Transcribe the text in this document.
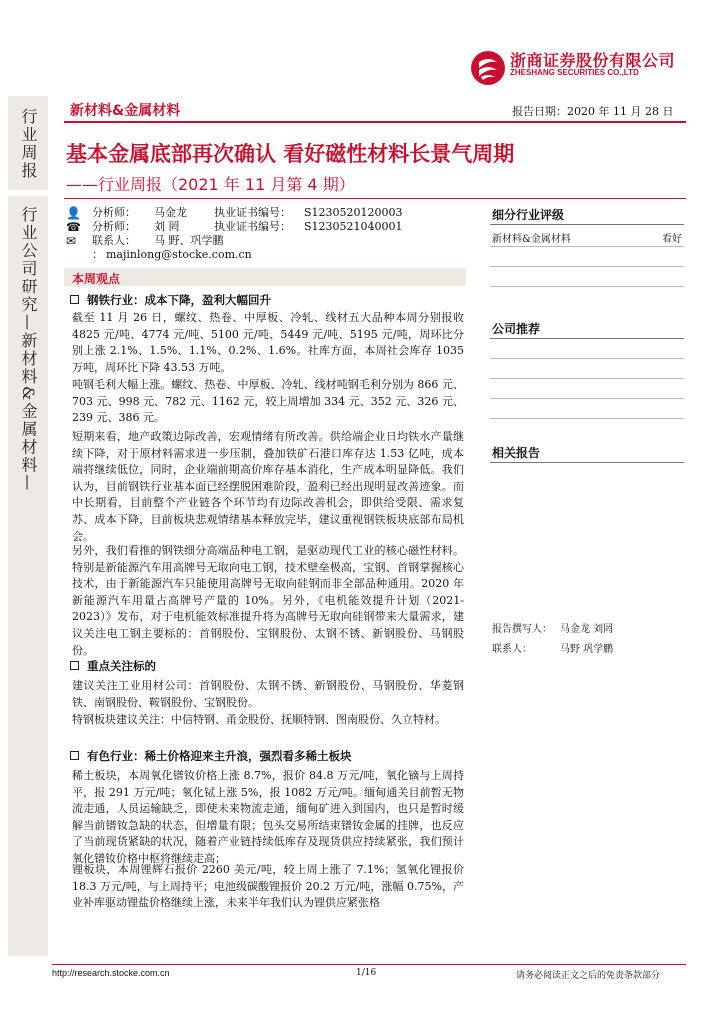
浙商证券股份有限公司
ZHESHANG SECURITIES CO.,LTD
新材料&金属材料	报告日期：2020 年 11 月 28 日
行业周报
行业公司研究—新材料&金属材料—
基本金属底部再次确认 看好磁性材料长景气周期
——行业周报（2021 年 11 月第 4 期）
👤	分析师：	马金龙	执业证书编号：	S1230520120003
☎	分析师：	刘 罔	执业证书编号：	S1230521040001
✉	联系人：	马 野、巩学鹏
： majinlong@stocke.com.cn
本周观点
钢铁行业：成本下降，盈利大幅回升

截至 11 月 26 日，螺纹、热卷、中厚板、冷轧、线材五大品种本周分别报收 4825 元/吨、4774 元/吨、5100 元/吨、5449 元/吨、5195 元/吨，周环比分别上涨 2.1%、1.5%、1.1%、0.2%、1.6%。社库方面，本周社会库存 1035 万吨，周环比下降 43.53 万吨。

吨钢毛利大幅上涨。螺纹、热卷、中厚板、冷轧、线材吨钢毛利分别为 866 元、703 元、998 元、782 元、1162 元，较上周增加 334 元、352 元、326 元、239 元、386 元。

短期来看，地产政策边际改善，宏观情绪有所改善。供给端企业日均铁水产量继续下降，对于原材料需求进一步压制，叠加铁矿石港口库存达 1.53 亿吨，成本端将继续低位，同时，企业端前期高价库存基本消化，生产成本明显降低。我们认为，目前钢铁行业基本面已经摆脱困难阶段，盈利已经出现明显改善迹象。而中长期看，目前整个产业链各个环节均有边际改善机会，即供给受限、需求复苏、成本下降，目前板块悲观情绪基本释放完毕，建议重视钢铁板块底部布局机会。

另外，我们看推的钢铁细分高端品种电工钢，是驱动现代工业的核心磁性材料。特别是新能源汽车用高牌号无取向电工钢，技术壁垒极高，宝钢、首钢掌握核心技术，由于新能源汽车只能使用高牌号无取向硅钢而非全部品种通用。2020 年新能源汽车用量占高牌号产量的 10%。另外，《电机能效提升计划（2021-2023）》发布，对于电机能效标准提升将为高牌号无取向硅钢带来大量需求，建议关注电工钢主要标的：首钢股份、宝钢股份、太钢不锈、新钢股份、马钢股份。

重点关注标的

建议关注工业用材公司：首钢股份、太钢不锈、新钢股份、马钢股份、华菱钢铁、南钢股份、鞍钢股份、宝钢股份。

特钢板块建议关注：中信特钢、甬金股份、抚顺特钢、图南股份、久立特材。

有色行业：稀土价格迎来主升浪，强烈看多稀土板块

稀土板块，本周氧化镨钕价格上涨 8.7%，报价 84.8 万元/吨，氧化镝与上周持平，报 291 万元/吨；氧化铽上涨 5%，报 1082 万元/吨。缅甸通关目前暂无物流走通，人员运输缺乏，即使未来物流走通，缅甸矿进入到国内，也只是暂时缓解当前镨钕急缺的状态，但增量有限；包头交易所结束镨钕金属的挂牌，也反应了当前现货紧缺的状况，随着产业链持续低库存及现货供应持续紧张，我们预计氧化镨钕价格中枢将继续走高；

锂板块，本周锂辉石报价 2260 美元/吨，较上周上涨了 7.1%；氢氧化锂报价 18.3 万元/吨，与上周持平；电池级碳酸锂报价 20.2 万元/吨，涨幅 0.75%，产业补库驱动锂盐价格继续上涨，未来半年我们认为锂供应紧张格

细分行业评级
新材料&金属材料	看好
公司推荐
相关报告
报告撰写人： 马金龙 刘罔
联系人：	马野 巩学鹏
http://research.stocke.com.cn	1/16	请务必阅读正文之后的免责条款部分
